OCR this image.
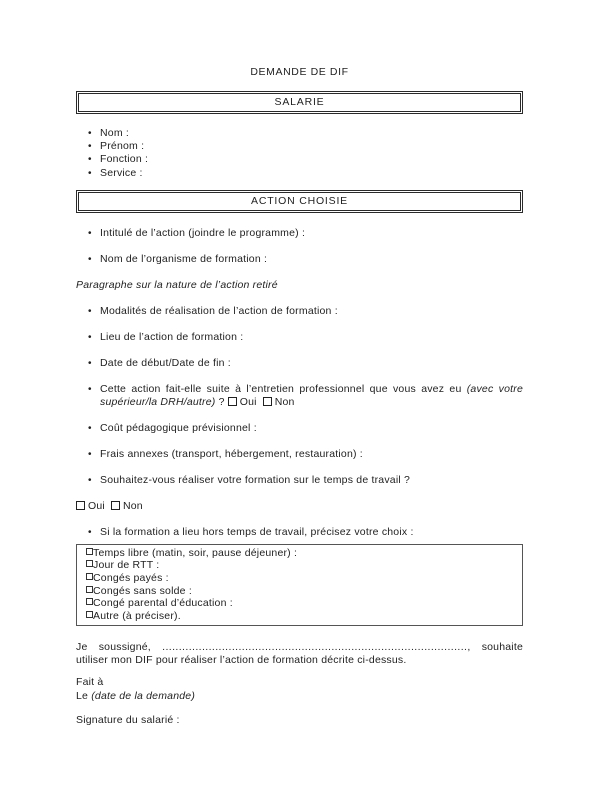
DEMANDE DE DIF
SALARIE
•
Nom :
•
Prénom :
•
Fonction :
•
Service :
ACTION CHOISIE
•
Intitulé de l’action (joindre le programme) :
•
Nom de l’organisme de formation :
Paragraphe sur la nature de l’action retiré
•
Modalités de réalisation de l’action de formation :
•
Lieu de l’action de formation :
•
Date de début/Date de fin :
•
Cette action fait-elle suite à l’entretien professionnel que vous avez eu (avec votre supérieur/la DRH/autre) ? Oui Non
•
Coût pédagogique prévisionnel :
•
Frais annexes (transport, hébergement, restauration) :
•
Souhaitez-vous réaliser votre formation sur le temps de travail ?
Oui Non
•
Si la formation a lieu hors temps de travail, précisez votre choix :
Temps libre (matin, soir, pause déjeuner) :
Jour de RTT :
Congés payés :
Congés sans solde :
Congé parental d’éducation :
Autre (à préciser).
Je soussigné, ............................................................................................, souhaite utiliser mon DIF pour réaliser l’action de formation décrite ci-dessus.
Fait à
Le (date de la demande)
Signature du salarié :
